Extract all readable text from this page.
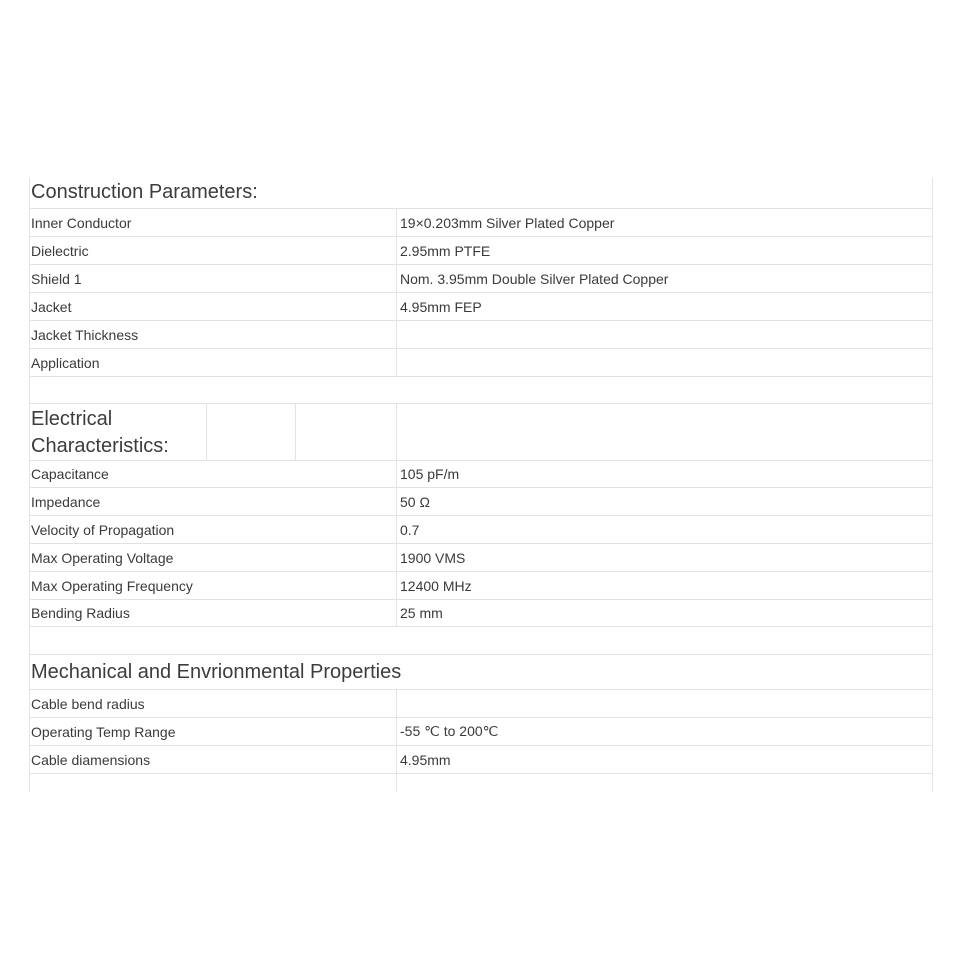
Construction Parameters:
Inner Conductor	19×0.203mm Silver Plated Copper
Dielectric	2.95mm PTFE
Shield 1	Nom. 3.95mm Double Silver Plated Copper
Jacket	4.95mm FEP
Jacket Thickness
Application
Electrical
Characteristics:
Capacitance	105 pF/m
Impedance	50 Ω
Velocity of Propagation	0.7
Max Operating Voltage	1900 VMS
Max Operating Frequency	12400 MHz
Bending Radius	25 mm
Mechanical and Envrionmental Properties
Cable bend radius
Operating Temp Range	-55 ℃ to 200℃
Cable diamensions	4.95mm
